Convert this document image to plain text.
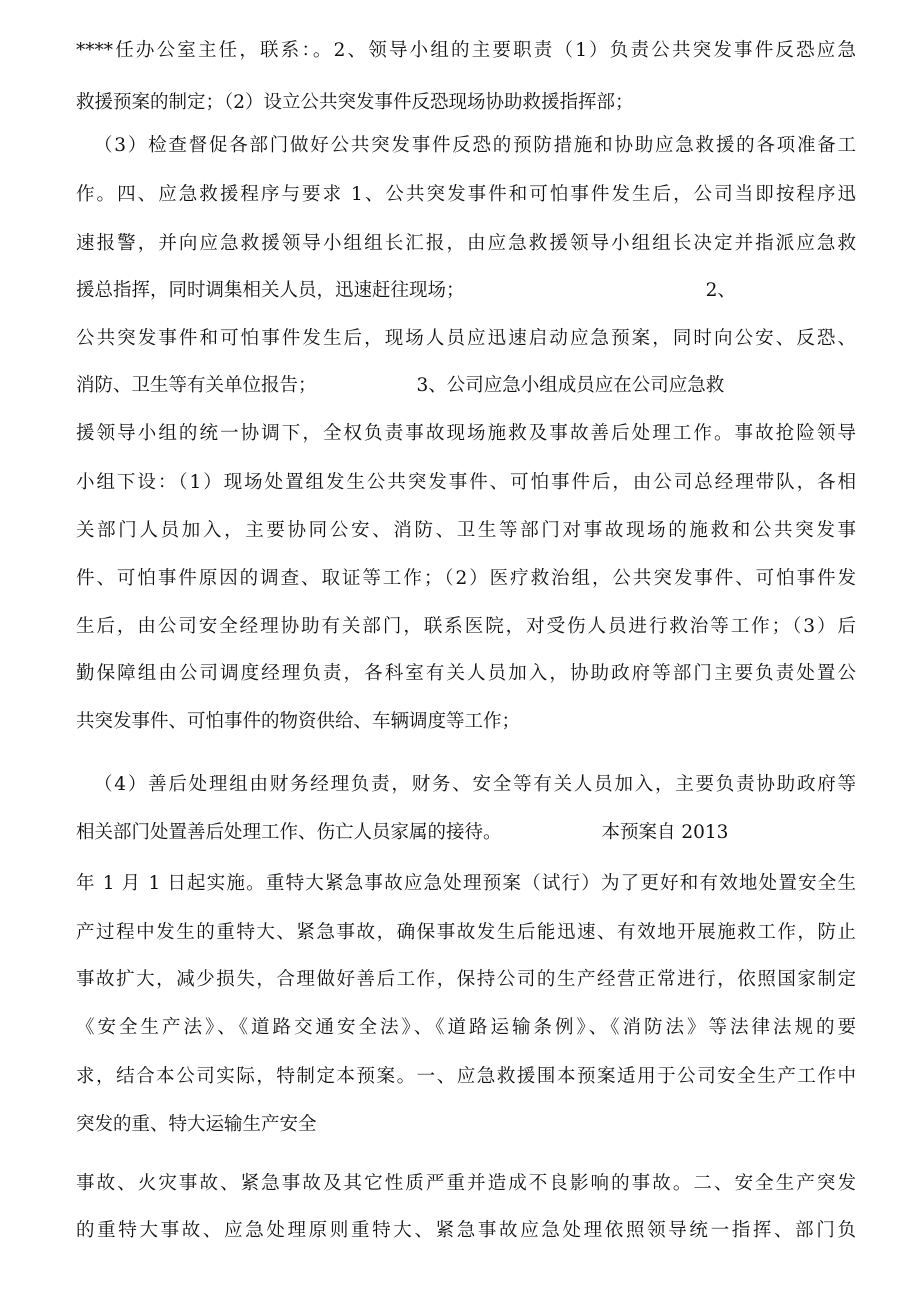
****任办公室主任，联系：。2、领导小组的主要职责（1）负责公共突发事件反恐应急
救援预案的制定；（2）设立公共突发事件反恐现场协助救援指挥部；
（3）检查督促各部门做好公共突发事件反恐的预防措施和协助应急救援的各项准备工
作。四、应急救援程序与要求 1、公共突发事件和可怕事件发生后，公司当即按程序迅
速报警，并向应急救援领导小组组长汇报，由应急救援领导小组组长决定并指派应急救
援总指挥，同时调集相关人员，迅速赶往现场；                                         2、
公共突发事件和可怕事件发生后，现场人员应迅速启动应急预案，同时向公安、反恐、
消防、卫生等有关单位报告；                 3、公司应急小组成员应在公司应急救
援领导小组的统一协调下，全权负责事故现场施救及事故善后处理工作。事故抢险领导
小组下设：（1）现场处置组发生公共突发事件、可怕事件后，由公司总经理带队，各相
关部门人员加入，主要协同公安、消防、卫生等部门对事故现场的施救和公共突发事
件、可怕事件原因的调查、取证等工作；（2）医疗救治组，公共突发事件、可怕事件发
生后，由公司安全经理协助有关部门，联系医院，对受伤人员进行救治等工作；（3）后
勤保障组由公司调度经理负责，各科室有关人员加入，协助政府等部门主要负责处置公
共突发事件、可怕事件的物资供给、车辆调度等工作；
（4）善后处理组由财务经理负责，财务、安全等有关人员加入，主要负责协助政府等
相关部门处置善后处理工作、伤亡人员家属的接待。                 本预案自 2013
年 1 月 1 日起实施。重特大紧急事故应急处理预案（试行）为了更好和有效地处置安全生
产过程中发生的重特大、紧急事故，确保事故发生后能迅速、有效地开展施救工作，防止
事故扩大，减少损失，合理做好善后工作，保持公司的生产经营正常进行，依照国家制定
《安全生产法》、《道路交通安全法》、《道路运输条例》、《消防法》等法律法规的要
求，结合本公司实际，特制定本预案。一、应急救援围本预案适用于公司安全生产工作中
突发的重、特大运输生产安全
事故、火灾事故、紧急事故及其它性质严重并造成不良影响的事故。二、安全生产突发
的重特大事故、应急处理原则重特大、紧急事故应急处理依照领导统一指挥、部门负
